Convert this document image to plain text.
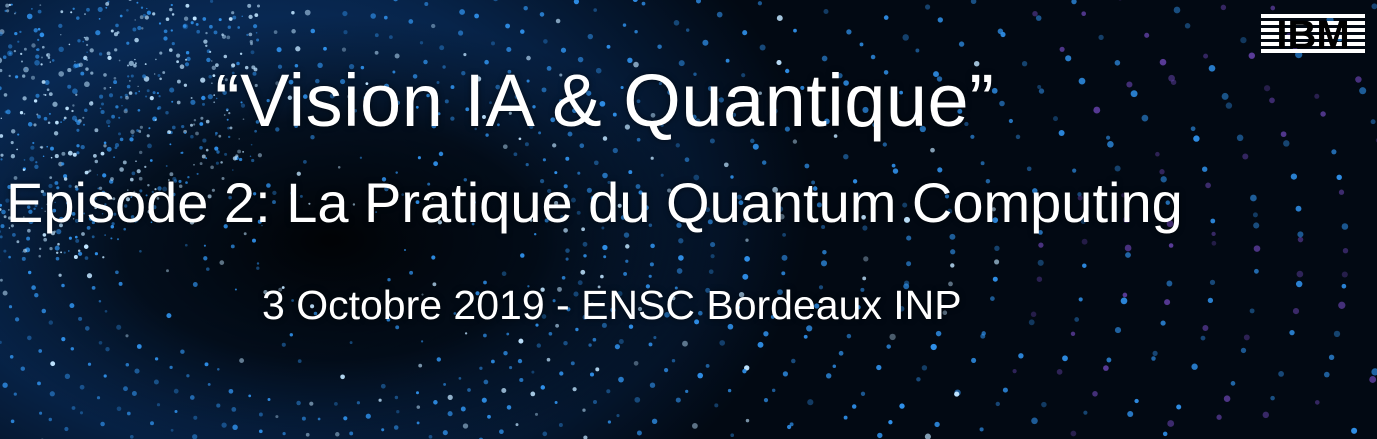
IBM
“Vision IA & Quantique”
Episode 2: La Pratique du Quantum Computing
3 Octobre 2019 - ENSC Bordeaux INP
